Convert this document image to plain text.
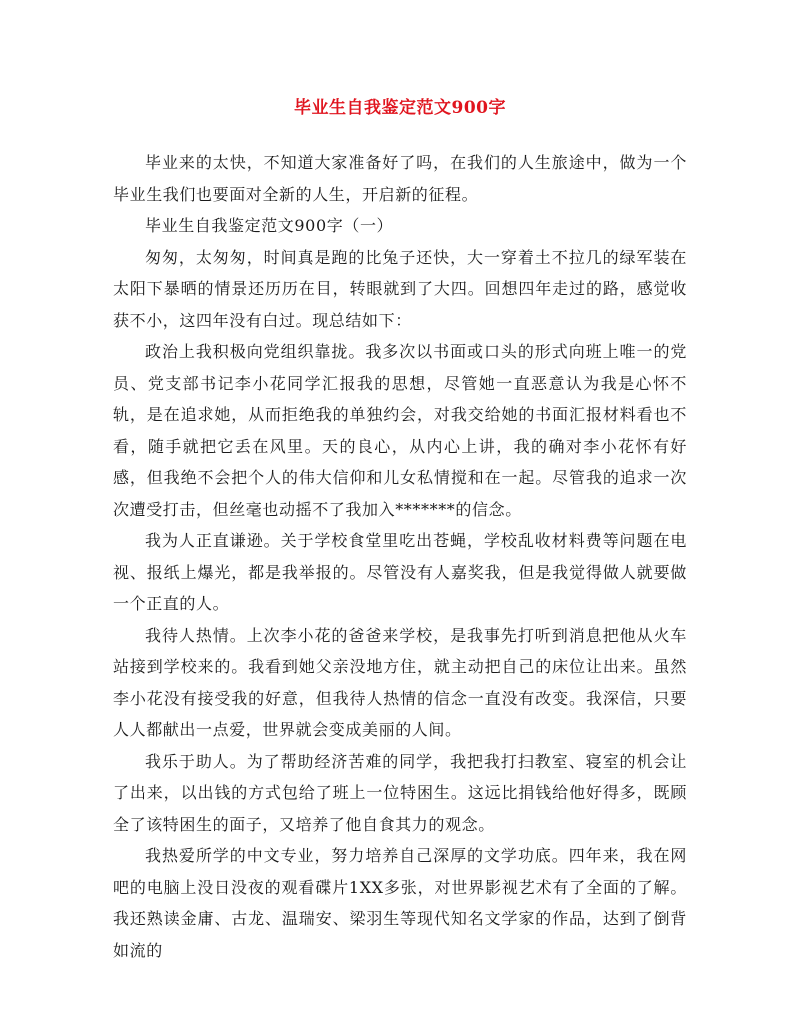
毕业生自我鉴定范文900字

毕业来的太快，不知道大家准备好了吗，在我们的人生旅途中，做为一个毕业生我们也要面对全新的人生，开启新的征程。

毕业生自我鉴定范文900字（一）

匆匆，太匆匆，时间真是跑的比兔子还快，大一穿着土不拉几的绿军装在太阳下暴晒的情景还历历在目，转眼就到了大四。回想四年走过的路，感觉收获不小，这四年没有白过。现总结如下：

政治上我积极向党组织靠拢。我多次以书面或口头的形式向班上唯一的党员、党支部书记李小花同学汇报我的思想，尽管她一直恶意认为我是心怀不轨，是在追求她，从而拒绝我的单独约会，对我交给她的书面汇报材料看也不看，随手就把它丢在风里。天的良心，从内心上讲，我的确对李小花怀有好感，但我绝不会把个人的伟大信仰和儿女私情搅和在一起。尽管我的追求一次次遭受打击，但丝毫也动摇不了我加入*******的信念。

我为人正直谦逊。关于学校食堂里吃出苍蝇，学校乱收材料费等问题在电视、报纸上爆光，都是我举报的。尽管没有人嘉奖我，但是我觉得做人就要做一个正直的人。

我待人热情。上次李小花的爸爸来学校，是我事先打听到消息把他从火车站接到学校来的。我看到她父亲没地方住，就主动把自己的床位让出来。虽然李小花没有接受我的好意，但我待人热情的信念一直没有改变。我深信，只要人人都献出一点爱，世界就会变成美丽的人间。

我乐于助人。为了帮助经济苦难的同学，我把我打扫教室、寝室的机会让了出来，以出钱的方式包给了班上一位特困生。这远比捐钱给他好得多，既顾全了该特困生的面子，又培养了他自食其力的观念。

我热爱所学的中文专业，努力培养自己深厚的文学功底。四年来，我在网吧的电脑上没日没夜的观看碟片1XX多张，对世界影视艺术有了全面的了解。我还熟读金庸、古龙、温瑞安、梁羽生等现代知名文学家的作品，达到了倒背如流的
